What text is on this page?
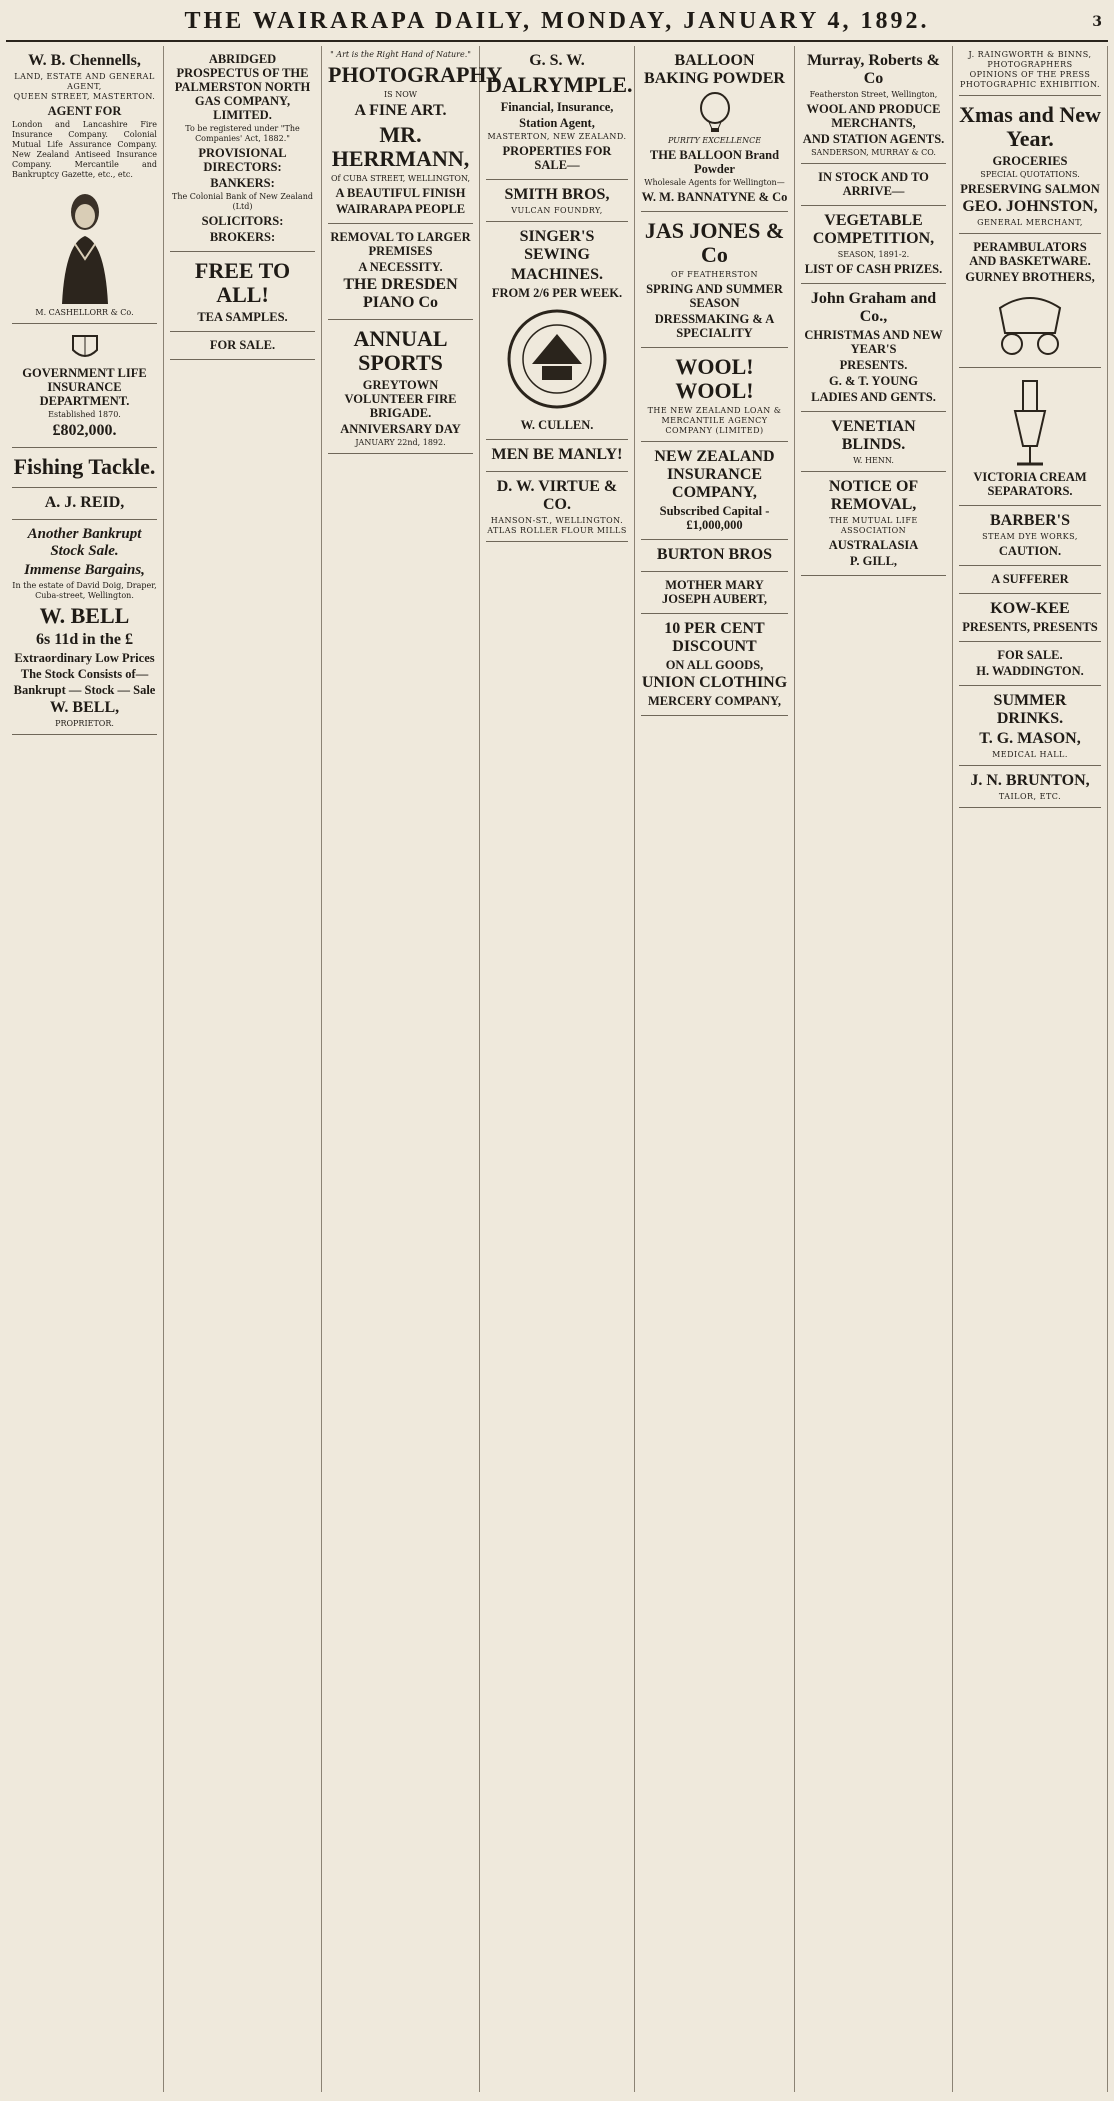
THE WAIRARAPA DAILY, MONDAY, JANUARY 4, 1892.	3
W. B. Chennells,
LAND, ESTATE AND GENERAL AGENT,
QUEEN STREET, MASTERTON.
AGENT FOR
London and Lancashire Fire Insurance Company. Colonial Mutual Life Assurance Company. New Zealand Antiseed Insurance Company. Mercantile and Bankruptcy Gazette, etc., etc.
M. CASHELLORR & Co.
GOVERNMENT LIFE INSURANCE DEPARTMENT.
Established 1870.
£802,000.
Fishing Tackle.
A. J. REID,
Another Bankrupt Stock Sale.
Immense Bargains,
In the estate of David Doig, Draper, Cuba-street, Wellington.
W. BELL
6s 11d in the £
Extraordinary Low Prices
The Stock Consists of—
Bankrupt — Stock — Sale
W. BELL,
PROPRIETOR.
ABRIDGED PROSPECTUS OF THE PALMERSTON NORTH GAS COMPANY, LIMITED.
To be registered under "The Companies' Act, 1882."
PROVISIONAL DIRECTORS:
BANKERS:
The Colonial Bank of New Zealand (Ltd)
SOLICITORS:
BROKERS:
FREE TO ALL!
TEA SAMPLES.
FOR SALE.
" Art is the Right Hand of Nature."
PHOTOGRAPHY
IS NOW
A FINE ART.
MR. HERRMANN,
Of CUBA STREET, WELLINGTON,
A BEAUTIFUL FINISH
WAIRARAPA PEOPLE
REMOVAL TO LARGER PREMISES
A NECESSITY.
THE DRESDEN PIANO Co
ANNUAL SPORTS
GREYTOWN VOLUNTEER FIRE BRIGADE.
ANNIVERSARY DAY
JANUARY 22nd, 1892.
G. S. W.
DALRYMPLE.
Financial, Insurance,
Station Agent,
MASTERTON, NEW ZEALAND.
PROPERTIES FOR SALE—
SMITH BROS,
VULCAN FOUNDRY,
SINGER'S SEWING
MACHINES.
FROM 2/6 PER WEEK.
W. CULLEN.
MEN BE MANLY!
D. W. VIRTUE & CO.
HANSON-ST., WELLINGTON.
ATLAS ROLLER FLOUR MILLS
BALLOON BAKING POWDER
PURITY EXCELLENCE
THE BALLOON Brand Powder
Wholesale Agents for Wellington—
W. M. BANNATYNE & Co
JAS JONES & Co
OF FEATHERSTON
SPRING AND SUMMER SEASON
DRESSMAKING & A SPECIALITY
WOOL! WOOL!
THE NEW ZEALAND LOAN & MERCANTILE AGENCY COMPANY (LIMITED)
NEW ZEALAND INSURANCE COMPANY,
Subscribed Capital - £1,000,000
BURTON BROS
MOTHER MARY JOSEPH AUBERT,
10 PER CENT DISCOUNT
ON ALL GOODS,
UNION CLOTHING
MERCERY COMPANY,
Murray, Roberts & Co
Featherston Street, Wellington,
WOOL AND PRODUCE MERCHANTS,
AND STATION AGENTS.
SANDERSON, MURRAY & CO.
IN STOCK AND TO ARRIVE—
VEGETABLE COMPETITION,
SEASON, 1891-2.
LIST OF CASH PRIZES.
John Graham and Co.,
CHRISTMAS AND NEW YEAR'S
PRESENTS.
G. & T. YOUNG
LADIES AND GENTS.
VENETIAN BLINDS.
W. HENN.
NOTICE OF REMOVAL,
THE MUTUAL LIFE ASSOCIATION
AUSTRALASIA
P. GILL,
J. RAINGWORTH & BINNS, PHOTOGRAPHERS
OPINIONS OF THE PRESS
PHOTOGRAPHIC EXHIBITION.
Xmas and New Year.
GROCERIES
SPECIAL QUOTATIONS.
PRESERVING SALMON
GEO. JOHNSTON,
GENERAL MERCHANT,
PERAMBULATORS AND BASKETWARE.
GURNEY BROTHERS,
VICTORIA CREAM SEPARATORS.
BARBER'S
STEAM DYE WORKS,
CAUTION.
A SUFFERER
KOW-KEE
PRESENTS, PRESENTS
FOR SALE.
H. WADDINGTON.
SUMMER DRINKS.
T. G. MASON,
MEDICAL HALL.
J. N. BRUNTON,
TAILOR, ETC.
